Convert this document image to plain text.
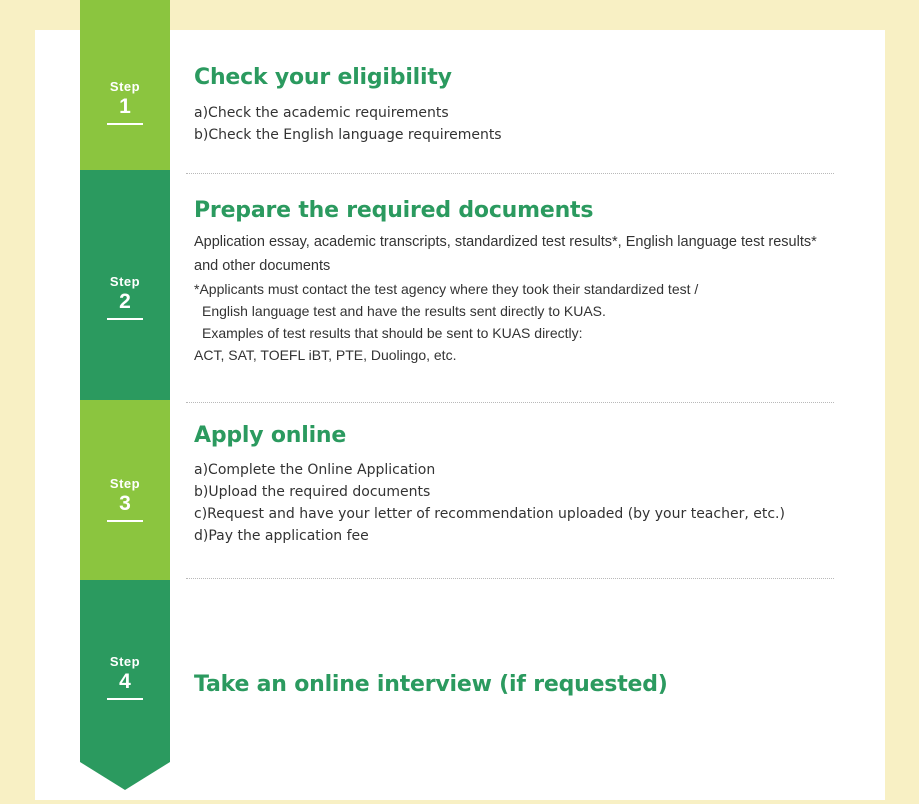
Step
1
Step
2
Step
3
Step
4
Check your eligibility
a)Check the academic requirements
b)Check the English language requirements
Prepare the required documents
Application essay, academic transcripts, standardized test results*, English language test results* and other documents
*Applicants must contact the test agency where they took their standardized test /
English language test and have the results sent directly to KUAS.
Examples of test results that should be sent to KUAS directly:
ACT, SAT, TOEFL iBT, PTE, Duolingo, etc.
Apply online
a)Complete the Online Application
b)Upload the required documents
c)Request and have your letter of recommendation uploaded (by your teacher, etc.)
d)Pay the application fee
Take an online interview (if requested)
